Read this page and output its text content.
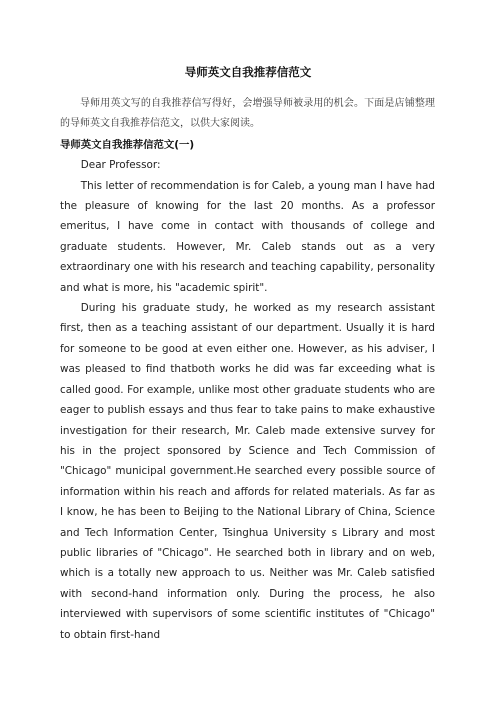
导师英文自我推荐信范文

导师用英文写的自我推荐信写得好，会增强导师被录用的机会。下面是店铺整理的导师英文自我推荐信范文，以供大家阅读。

导师英文自我推荐信范文(一)

Dear Professor:

This letter of recommendation is for Caleb, a young man I have had the pleasure of knowing for the last 20 months. As a professor emeritus, I have come in contact with thousands of college and graduate students. However, Mr. Caleb stands out as a very extraordinary one with his research and teaching capability, personality and what is more, his "academic spirit".

During his graduate study, he worked as my research assistant first, then as a teaching assistant of our department. Usually it is hard for someone to be good at even either one. However, as his adviser, I was pleased to find thatboth works he did was far exceeding what is called good. For example, unlike most other graduate students who are eager to publish essays and thus fear to take pains to make exhaustive investigation for their research, Mr. Caleb made extensive survey for his in the project sponsored by Science and Tech Commission of "Chicago" municipal government.He searched every possible source of information within his reach and affords for related materials. As far as I know, he has been to Beijing to the National Library of China, Science and Tech Information Center, Tsinghua University s Library and most public libraries of "Chicago". He searched both in library and on web, which is a totally new approach to us. Neither was Mr. Caleb satisfied with second-hand information only. During the process, he also interviewed with supervisors of some scientific institutes of "Chicago" to obtain first-hand
